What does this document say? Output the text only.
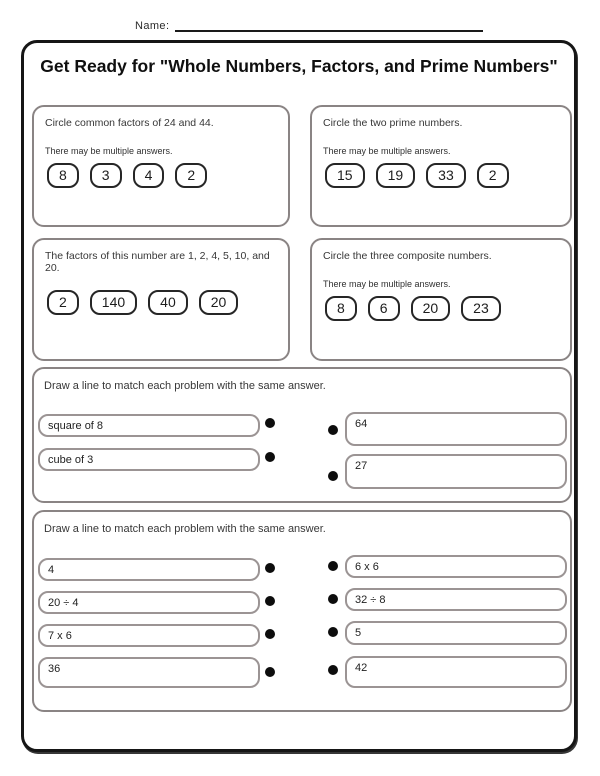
Name:
Get Ready for "Whole Numbers, Factors, and Prime Numbers"
Circle common factors of 24 and 44.
There may be multiple answers.
8	3	4	2
Circle the two prime numbers.
There may be multiple answers.
15	19	33	2
The factors of this number are 1, 2, 4, 5, 10, and 20.
2	140	40	20
Circle the three composite numbers.
There may be multiple answers.
8	6	20	23
Draw a line to match each problem with the same answer.
square of 8
cube of 3
64
27
Draw a line to match each problem with the same answer.
4
20 ÷ 4
7 x 6
36
6 x 6
32 ÷ 8
5
42
